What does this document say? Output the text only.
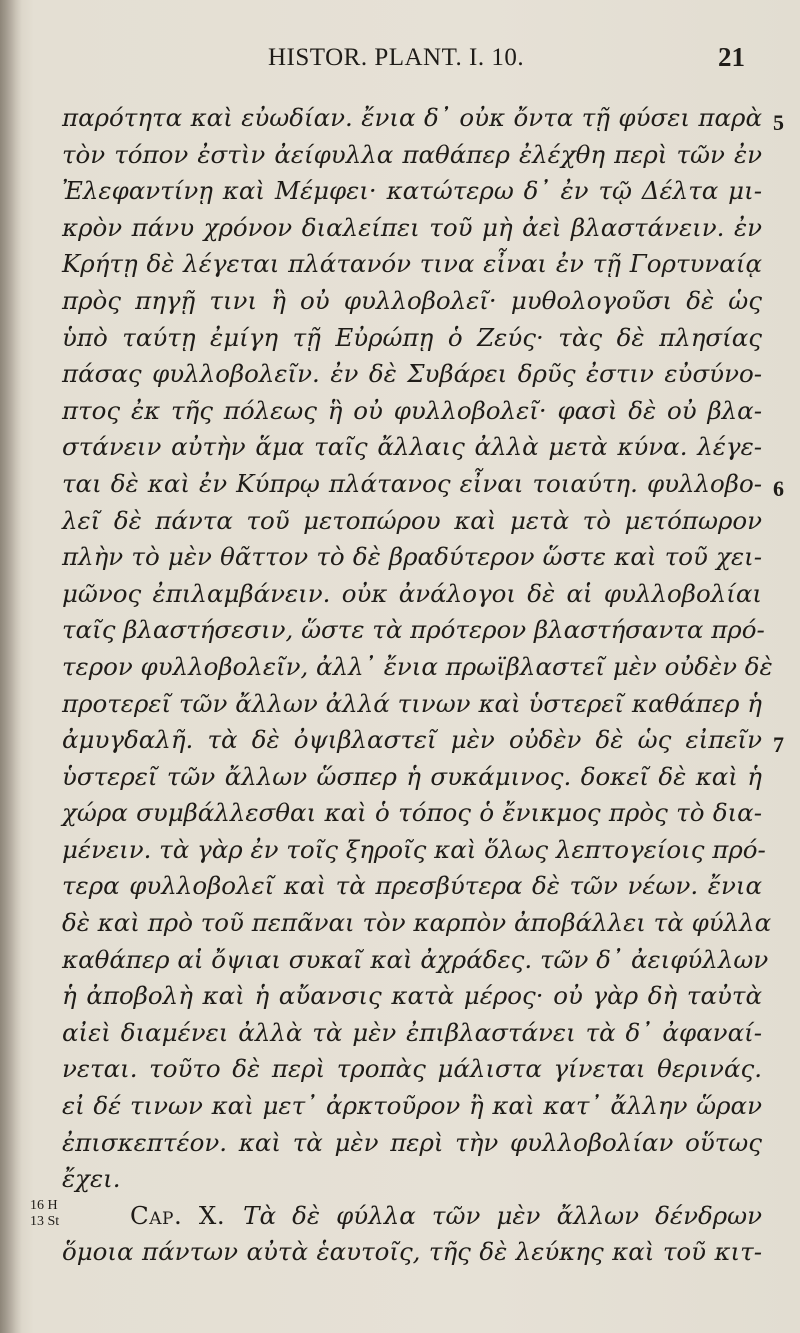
HISTOR. PLANT. I. 10.	21
παρότητα καὶ εὐωδίαν. ἔνια δ᾽ οὐκ ὄντα τῇ φύσει παρὰ
τὸν τόπον ἐστὶν ἀείφυλλα παθάπερ ἐλέχθη περὶ τῶν ἐν
Ἐλεφαντίνῃ καὶ Μέμφει· κατώτερω δ᾽ ἐν τῷ Δέλτα μι-
κρὸν πάνυ χρόνον διαλείπει τοῦ μὴ ἀεὶ βλαστάνειν. ἐν
Κρήτῃ δὲ λέγεται πλάτανόν τινα εἶναι ἐν τῇ Γορτυναίᾳ
πρὸς πηγῇ τινι ἣ οὐ φυλλοβολεῖ· μυθολογοῦσι δὲ ὡς
ὑπὸ ταύτῃ ἐμίγη τῇ Εὐρώπῃ ὁ Ζεύς· τὰς δὲ πλησίας
πάσας φυλλοβολεῖν. ἐν δὲ Συβάρει δρῦς ἐστιν εὐσύνο-
πτος ἐκ τῆς πόλεως ἣ οὐ φυλλοβολεῖ· φασὶ δὲ οὐ βλα-
στάνειν αὐτὴν ἅμα ταῖς ἄλλαις ἀλλὰ μετὰ κύνα. λέγε-
ται δὲ καὶ ἐν Κύπρῳ πλάτανος εἶναι τοιαύτη. φυλλοβο-
λεῖ δὲ πάντα τοῦ μετοπώρου καὶ μετὰ τὸ μετόπωρον
πλὴν τὸ μὲν θᾶττον τὸ δὲ βραδύτερον ὥστε καὶ τοῦ χει-
μῶνος ἐπιλαμβάνειν. οὐκ ἀνάλογοι δὲ αἱ φυλλοβολίαι
ταῖς βλαστήσεσιν, ὥστε τὰ πρότερον βλαστήσαντα πρό-
τερον φυλλοβολεῖν, ἀλλ᾽ ἔνια πρωϊβλαστεῖ μὲν οὐδὲν δὲ
προτερεῖ τῶν ἄλλων ἀλλά τινων καὶ ὑστερεῖ καθάπερ ἡ
ἀμυγδαλῆ. τὰ δὲ ὀψιβλαστεῖ μὲν οὐδὲν δὲ ὡς εἰπεῖν
ὑστερεῖ τῶν ἄλλων ὥσπερ ἡ συκάμινος. δοκεῖ δὲ καὶ ἡ
χώρα συμβάλλεσθαι καὶ ὁ τόπος ὁ ἔνικμος πρὸς τὸ δια-
μένειν. τὰ γὰρ ἐν τοῖς ξηροῖς καὶ ὅλως λεπτογείοις πρό-
τερα φυλλοβολεῖ καὶ τὰ πρεσβύτερα δὲ τῶν νέων. ἔνια
δὲ καὶ πρὸ τοῦ πεπᾶναι τὸν καρπὸν ἀποβάλλει τὰ φύλλα
καθάπερ αἱ ὄψιαι συκαῖ καὶ ἀχράδες. τῶν δ᾽ ἀειφύλλων
ἡ ἀποβολὴ καὶ ἡ αὔανσις κατὰ μέρος· οὐ γὰρ δὴ ταὐτὰ
αἰεὶ διαμένει ἀλλὰ τὰ μὲν ἐπιβλαστάνει τὰ δ᾽ ἀφαναί-
νεται. τοῦτο δὲ περὶ τροπὰς μάλιστα γίνεται θερινάς.
εἰ δέ τινων καὶ μετ᾽ ἀρκτοῦρον ἢ καὶ κατ᾽ ἄλλην ὥραν
ἐπισκεπτέον. καὶ τὰ μὲν περὶ τὴν φυλλοβολίαν οὕτως
ἔχει.
Cap. X. Τὰ δὲ φύλλα τῶν μὲν ἄλλων δένδρων
ὅμοια πάντων αὐτὰ ἑαυτοῖς, τῆς δὲ λεύκης καὶ τοῦ κιτ-
5
6
7
16 H
13 St
